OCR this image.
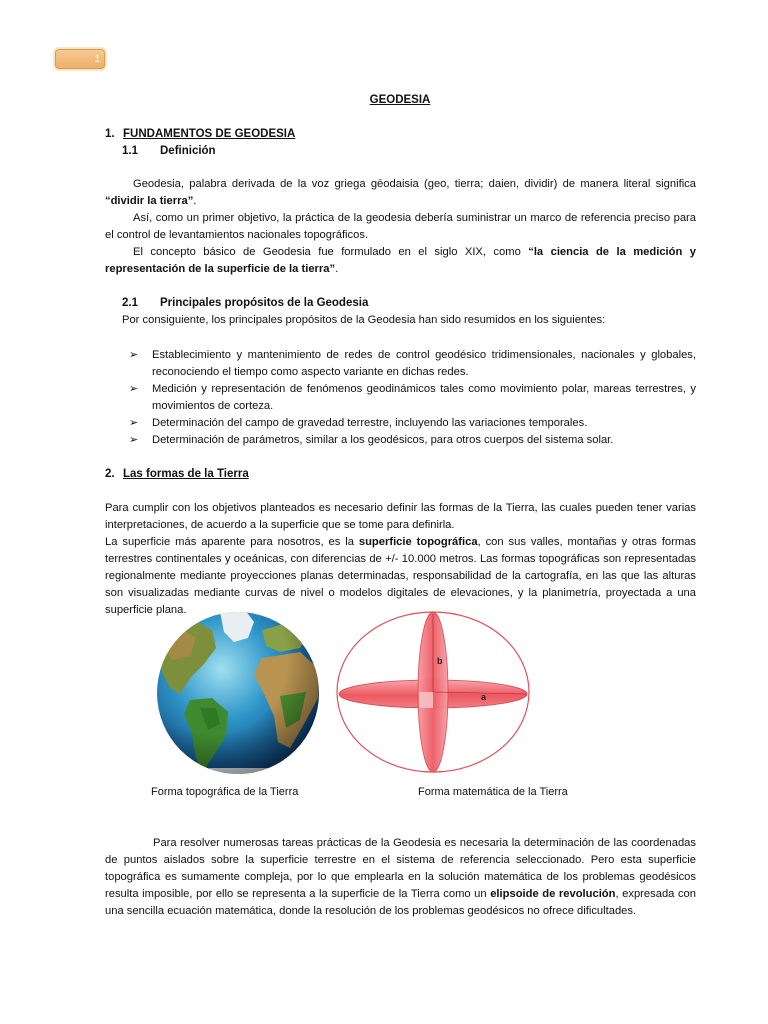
1
GEODESIA
1. FUNDAMENTOS DE GEODESIA
1.1 Definición
Geodesia, palabra derivada de la voz griega gēodaisia (geo, tierra; daien, dividir) de manera literal significa “dividir la tierra”.
Así, como un primer objetivo, la práctica de la geodesia debería suministrar un marco de referencia preciso para el control de levantamientos nacionales topográficos.
El concepto básico de Geodesia fue formulado en el siglo XIX, como “la ciencia de la medición y representación de la superficie de la tierra”.
2.1 Principales propósitos de la Geodesia
Por consiguiente, los principales propósitos de la Geodesia han sido resumidos en los siguientes:
➢ Establecimiento y mantenimiento de redes de control geodésico tridimensionales, nacionales y globales, reconociendo el tiempo como aspecto variante en dichas redes.
➢ Medición y representación de fenómenos geodinámicos tales como movimiento polar, mareas terrestres, y movimientos de corteza.
➢ Determinación del campo de gravedad terrestre, incluyendo las variaciones temporales.
➢ Determinación de parámetros, similar a los geodésicos, para otros cuerpos del sistema solar.
2. Las formas de la Tierra
Para cumplir con los objetivos planteados es necesario definir las formas de la Tierra, las cuales pueden tener varias interpretaciones, de acuerdo a la superficie que se tome para definirla.
La superficie más aparente para nosotros, es la superficie topográfica, con sus valles, montañas y otras formas terrestres continentales y oceánicas, con diferencias de +/- 10.000 metros. Las formas topográficas son representadas regionalmente mediante proyecciones planas determinadas, responsabilidad de la cartografía, en las que las alturas son visualizadas mediante curvas de nivel o modelos digitales de elevaciones, y la planimetría, proyectada a una superficie plana.
b
a
Forma topográfica de la Tierra	Forma matemática de la Tierra
Para resolver numerosas tareas prácticas de la Geodesia es necesaria la determinación de las coordenadas de puntos aislados sobre la superficie terrestre en el sistema de referencia seleccionado. Pero esta superficie topográfica es sumamente compleja, por lo que emplearla en la solución matemática de los problemas geodésicos resulta imposible, por ello se representa a la superficie de la Tierra como un elipsoide de revolución, expresada con una sencilla ecuación matemática, donde la resolución de los problemas geodésicos no ofrece dificultades.
